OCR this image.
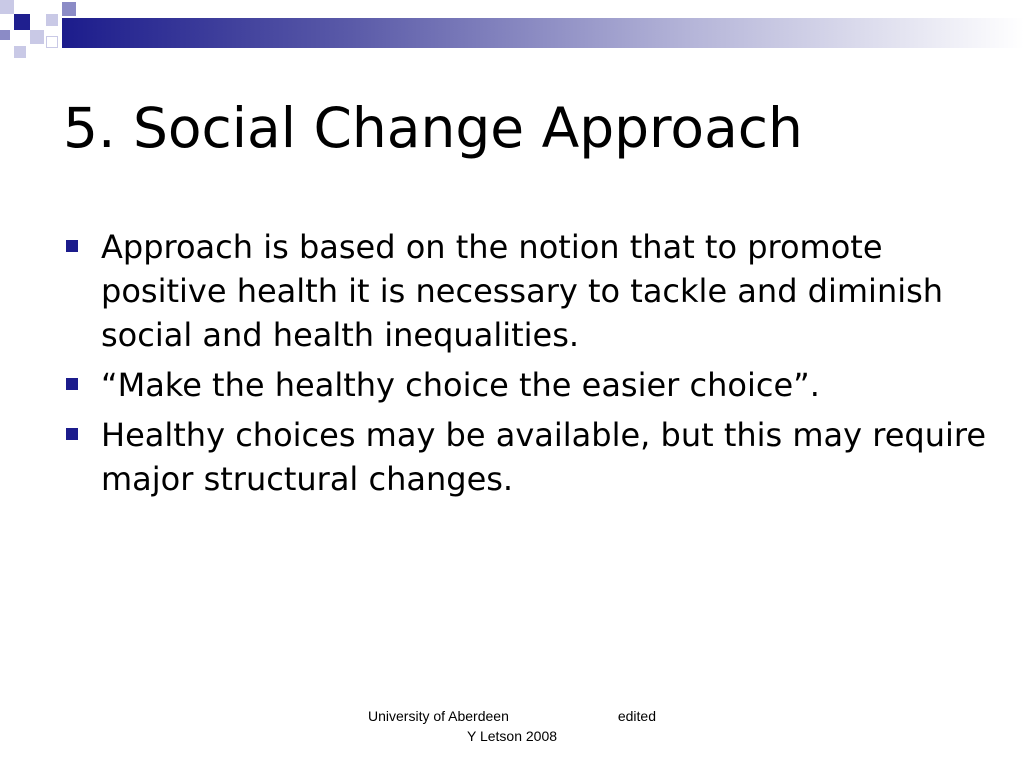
5. Social Change Approach
Approach is based on the notion that to promote positive health it is necessary to tackle and diminish social and health inequalities.
“Make the healthy choice the easier choice”.
Healthy choices may be available, but this may require major structural changes.
University of Aberdeen	edited
Y Letson 2008
